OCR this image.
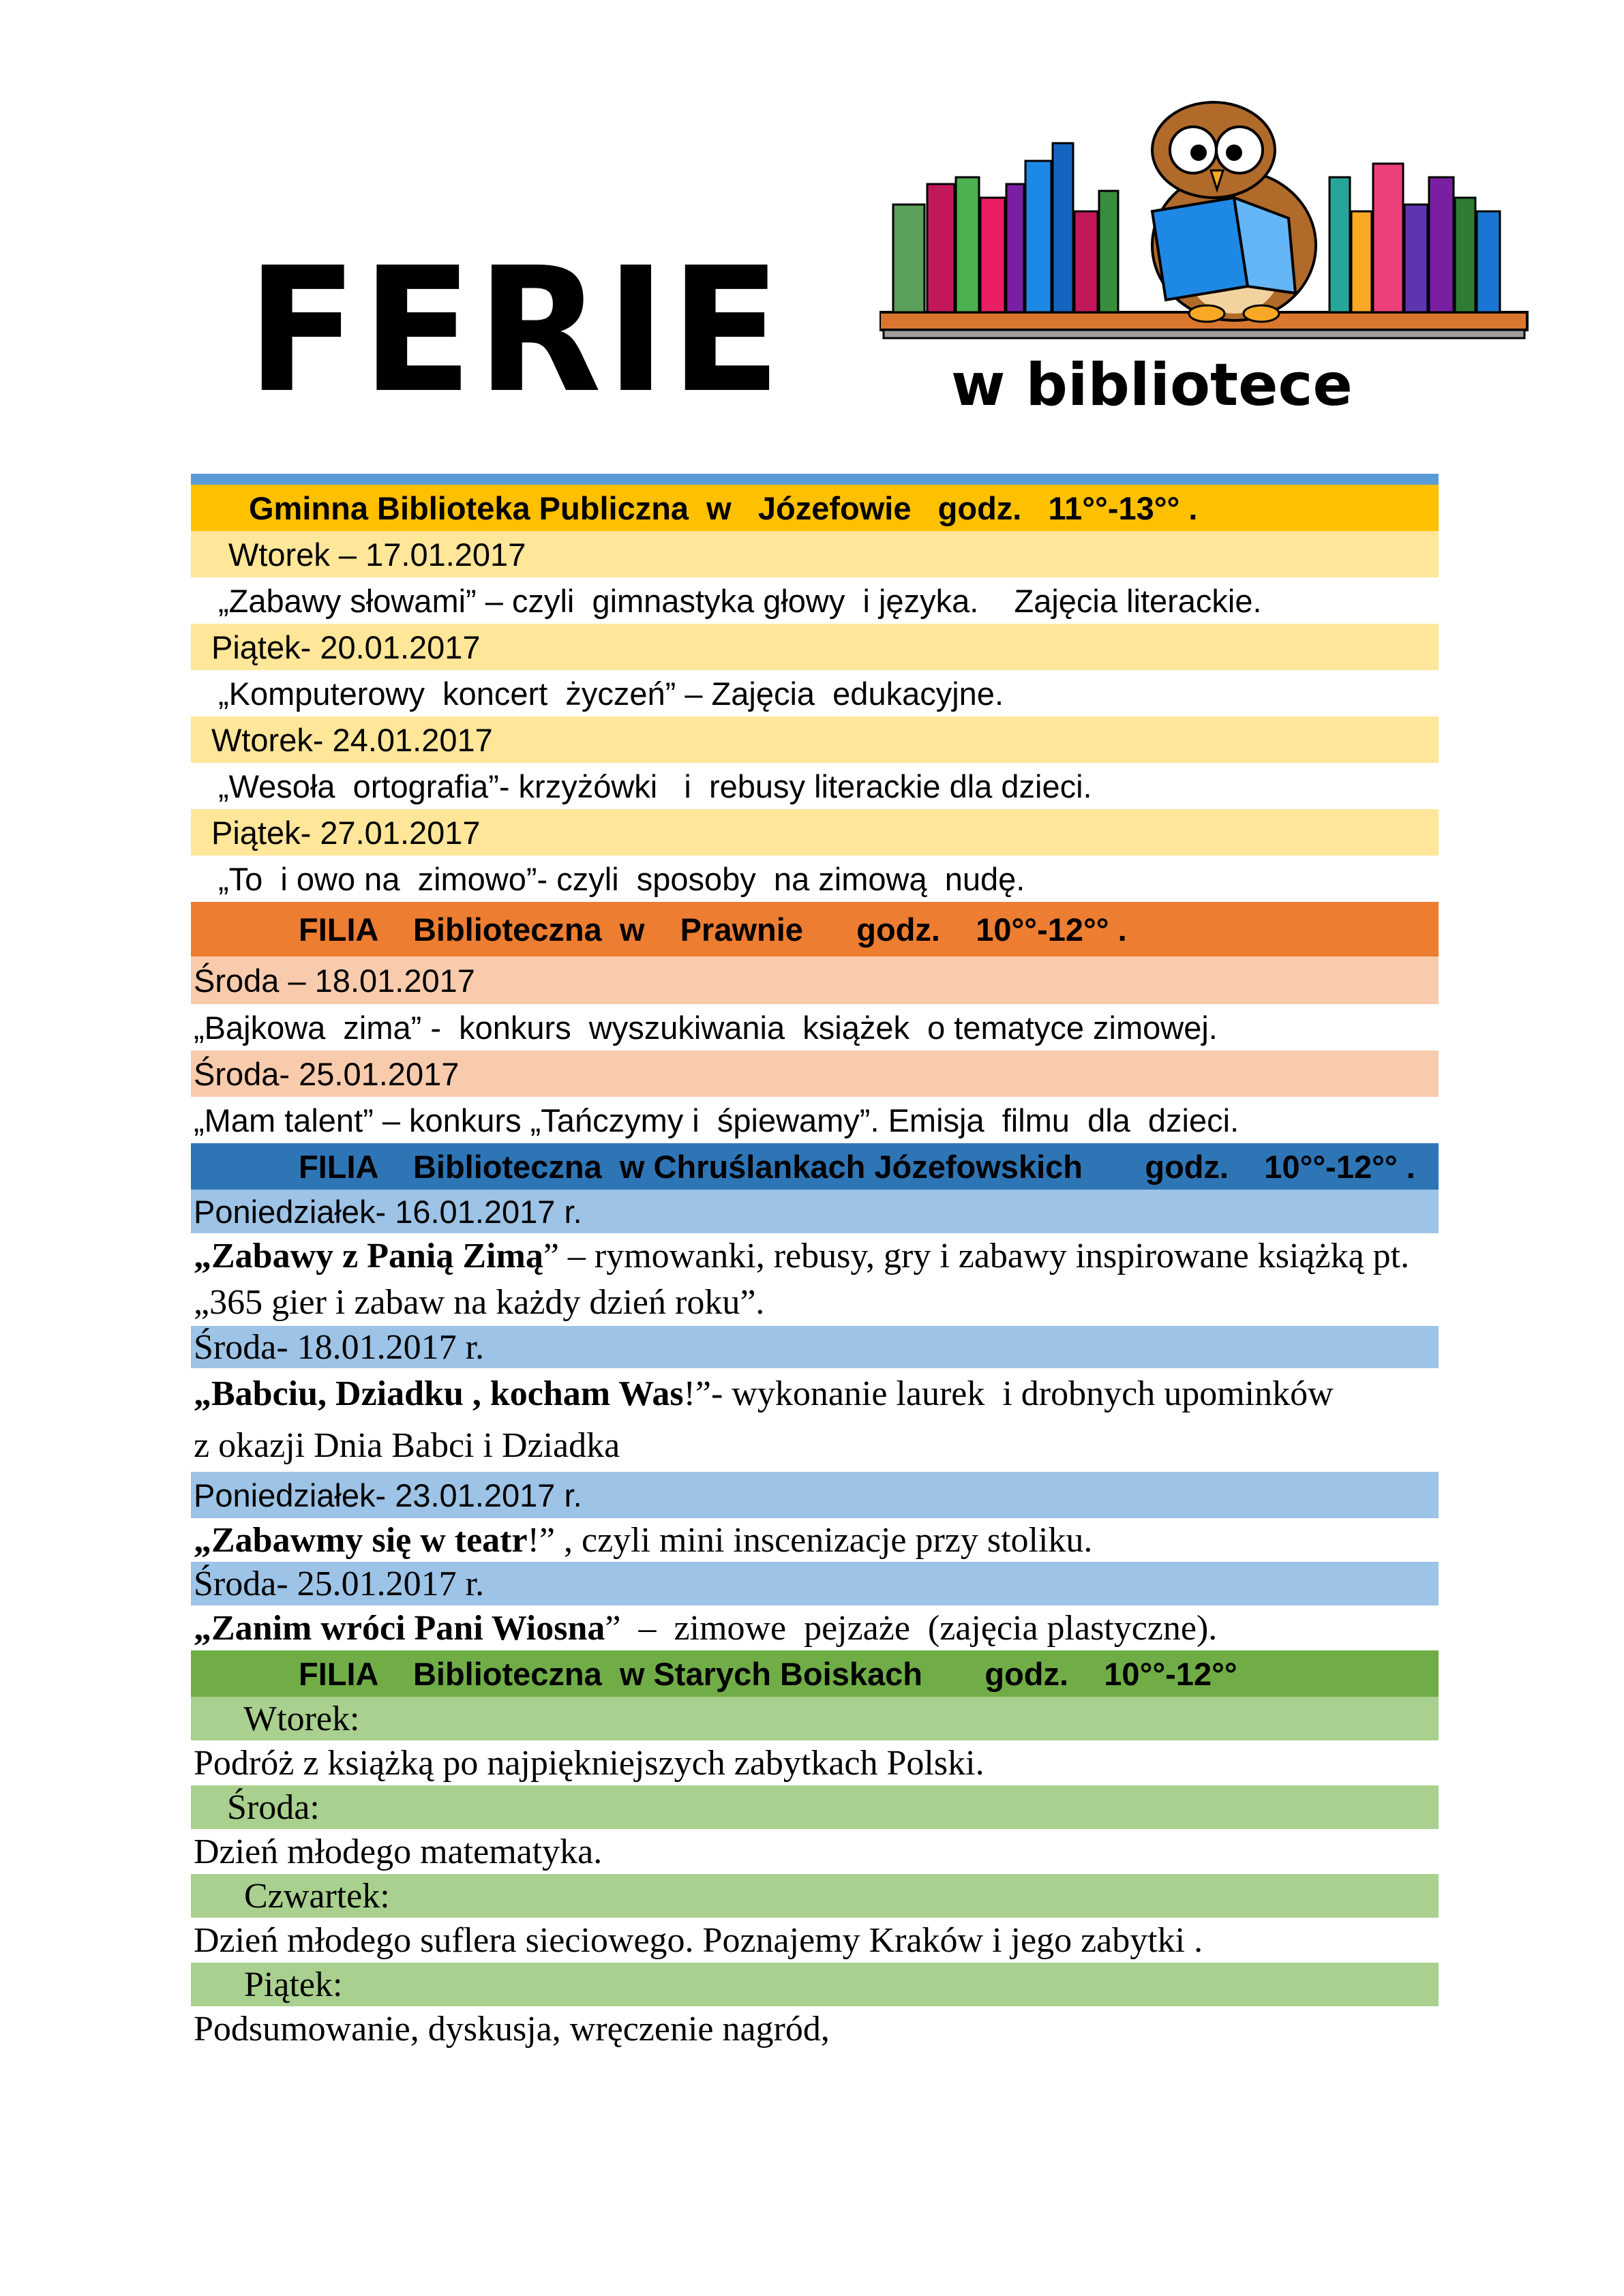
FERIE	w bibliotece
Gminna Biblioteka Publiczna  w   Józefowie   godz.   11°°-13°° .
Wtorek – 17.01.2017
„Zabawy słowami” – czyli  gimnastyka głowy  i języka.    Zajęcia literackie.
Piątek- 20.01.2017
„Komputerowy  koncert  życzeń” – Zajęcia  edukacyjne.
Wtorek- 24.01.2017
„Wesoła  ortografia”- krzyżówki   i  rebusy literackie dla dzieci.
Piątek- 27.01.2017
„To  i owo na  zimowo”- czyli  sposoby  na zimową  nudę.
FILIA    Biblioteczna  w    Prawnie      godz.    10°°-12°° .
Środa – 18.01.2017
„Bajkowa  zima” -  konkurs  wyszukiwania  książek  o tematyce zimowej.
Środa- 25.01.2017
„Mam talent” – konkurs „Tańczymy i  śpiewamy”. Emisja  filmu  dla  dzieci.
FILIA    Biblioteczna  w Chruślankach Józefowskich       godz.    10°°-12°° .
Poniedziałek- 16.01.2017 r.
„Zabawy z Panią Zimą” – rymowanki, rebusy, gry i zabawy inspirowane książką pt. „365 gier i zabaw na każdy dzień roku”.
Środa- 18.01.2017 r.
„Babciu, Dziadku , kocham Was !”- wykonanie laurek  i drobnych upominków
z okazji Dnia Babci i Dziadka
Poniedziałek- 23.01.2017 r.
„Zabawmy się w teatr !” , czyli mini inscenizacje przy stoliku.
Środa- 25.01.2017 r.
„Zanim wróci Pani Wiosna ”  –  zimowe  pejzaże  (zajęcia plastyczne).
FILIA    Biblioteczna  w Starych Boiskach       godz.    10°°-12°°
Wtorek:
Podróż z książką po najpiękniejszych zabytkach Polski.
Środa:
Dzień młodego matematyka.
Czwartek:
Dzień młodego suflera sieciowego. Poznajemy Kraków i jego zabytki .
Piątek:
Podsumowanie, dyskusja, wręczenie nagród,
